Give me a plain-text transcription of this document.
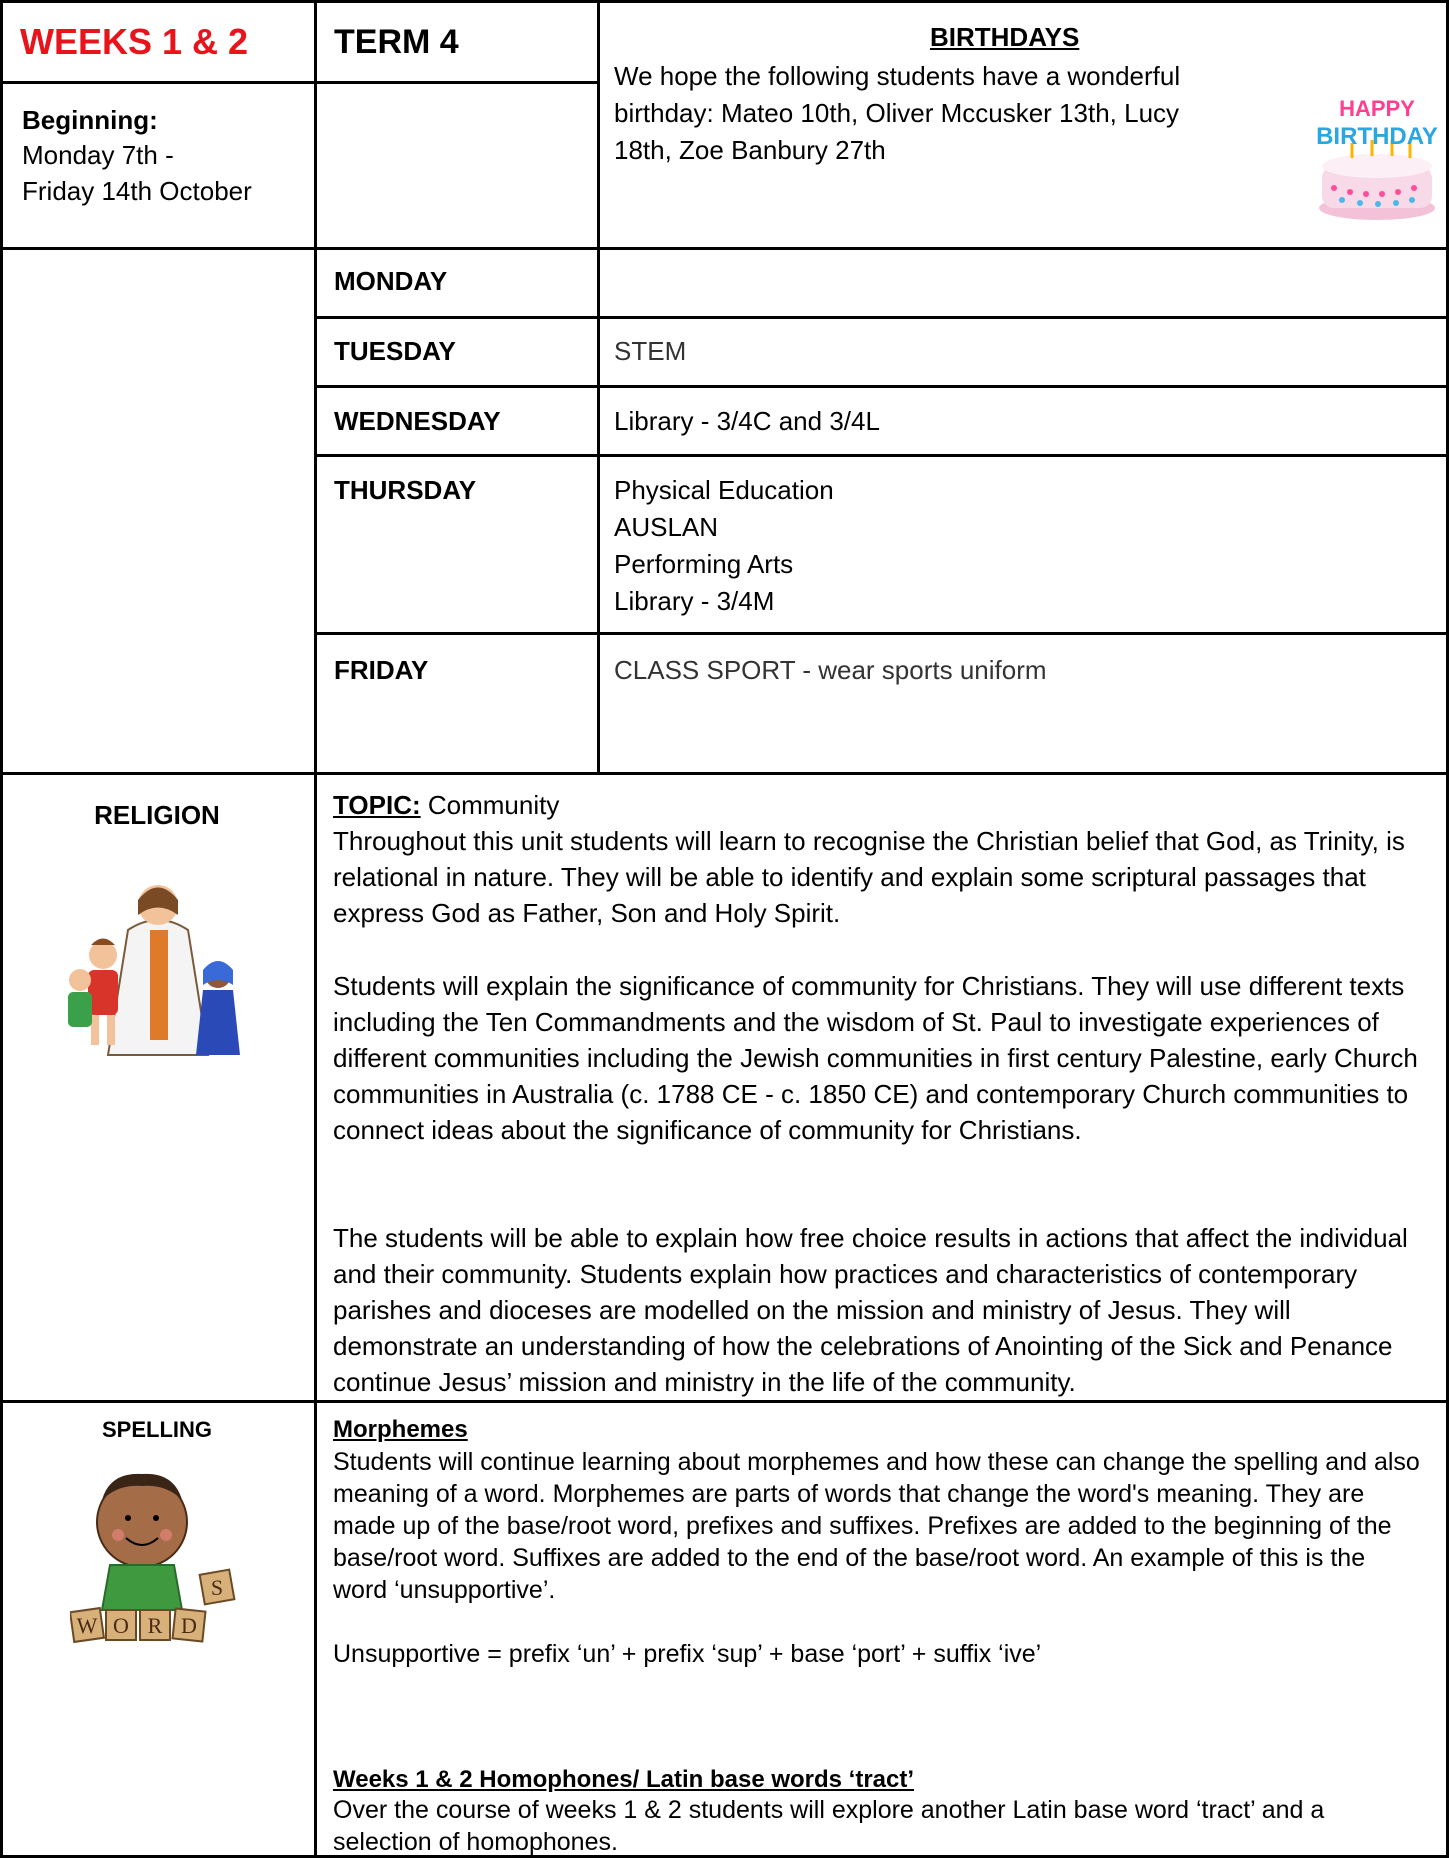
WEEKS 1 & 2	TERM 4
Beginning:
Monday 7th -
Friday 14th October
BIRTHDAYS
We hope the following students have a wonderful birthday: Mateo 10th, Oliver Mccusker 13th, Lucy 18th, Zoe Banbury 27th
HAPPY
BIRTHDAY
MONDAY
TUESDAY	STEM
WEDNESDAY	Library - 3/4C and 3/4L
THURSDAY	Physical Education
AUSLAN
Performing Arts
Library - 3/4M
FRIDAY	CLASS SPORT - wear sports uniform
RELIGION	TOPIC: Community

Throughout this unit students will learn to recognise the Christian belief that God, as Trinity, is relational in nature. They will be able to identify and explain some scriptural passages that express God as Father, Son and Holy Spirit.

Students will explain the significance of community for Christians. They will use different texts including the Ten Commandments and the wisdom of St. Paul to investigate experiences of different communities including the Jewish communities in first century Palestine, early Church communities in Australia (c. 1788 CE - c. 1850 CE) and contemporary Church communities to connect ideas about the significance of community for Christians.

The students will be able to explain how free choice results in actions that affect the individual and their community. Students explain how practices and characteristics of contemporary parishes and dioceses are modelled on the mission and ministry of Jesus. They will demonstrate an understanding of how the celebrations of Anointing of the Sick and Penance continue Jesus’ mission and ministry in the life of the community.

SPELLING
W O R D
S
Morphemes

Students will continue learning about morphemes and how these can change the spelling and also meaning of a word. Morphemes are parts of words that change the word's meaning. They are made up of the base/root word, prefixes and suffixes. Prefixes are added to the beginning of the base/root word. Suffixes are added to the end of the base/root word. An example of this is the word ‘unsupportive’.

Unsupportive = prefix ‘un’ + prefix ‘sup’ + base ‘port’ + suffix ‘ive’
Weeks 1 & 2 Homophones/ Latin base words ‘tract’

Over the course of weeks 1 & 2 students will explore another Latin base word ‘tract’ and a selection of homophones.
